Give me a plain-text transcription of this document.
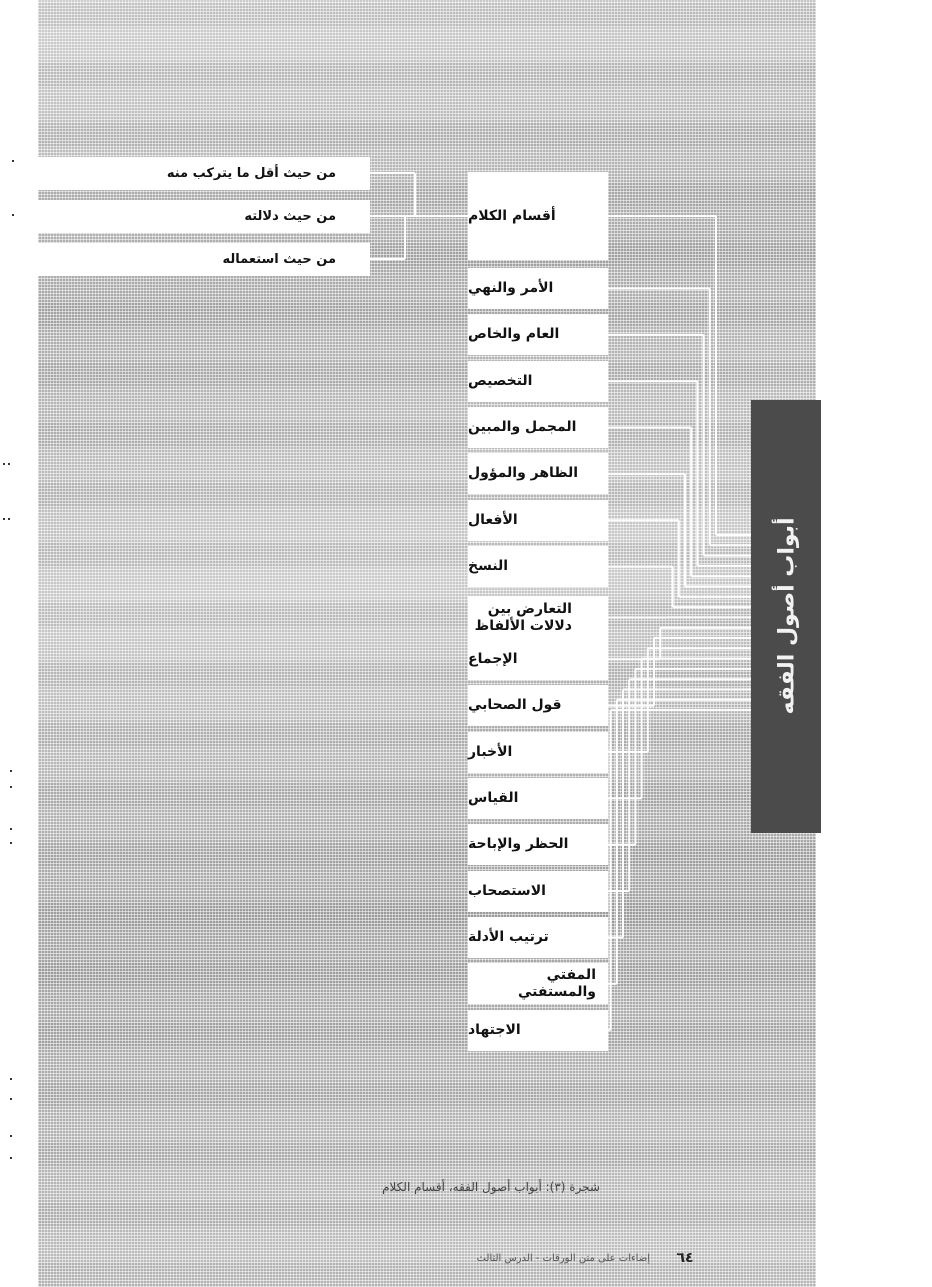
أقسام الكلام
من حيث أقل ما يتركب منه
من حيث دلالته
من حيث استعماله
الأمر والنهي
العام والخاص
التخصيص
المجمل والمبين
الظاهر والمؤول
الأفعال
النسخ
التعارض بين دلالات الألفاظ
الإجماع
قول الصحابي
الأخبار
القياس
الحظر والإباحة
الاستصحاب
ترتيب الأدلة
المفتي والمستفتي
الاجتهاد
أبواب أصول الفقه
شجرة (٣): أبواب أصول الفقه، أقسام الكلام
٦٤
إضاءات على متن الورقات - الدرس الثالث
